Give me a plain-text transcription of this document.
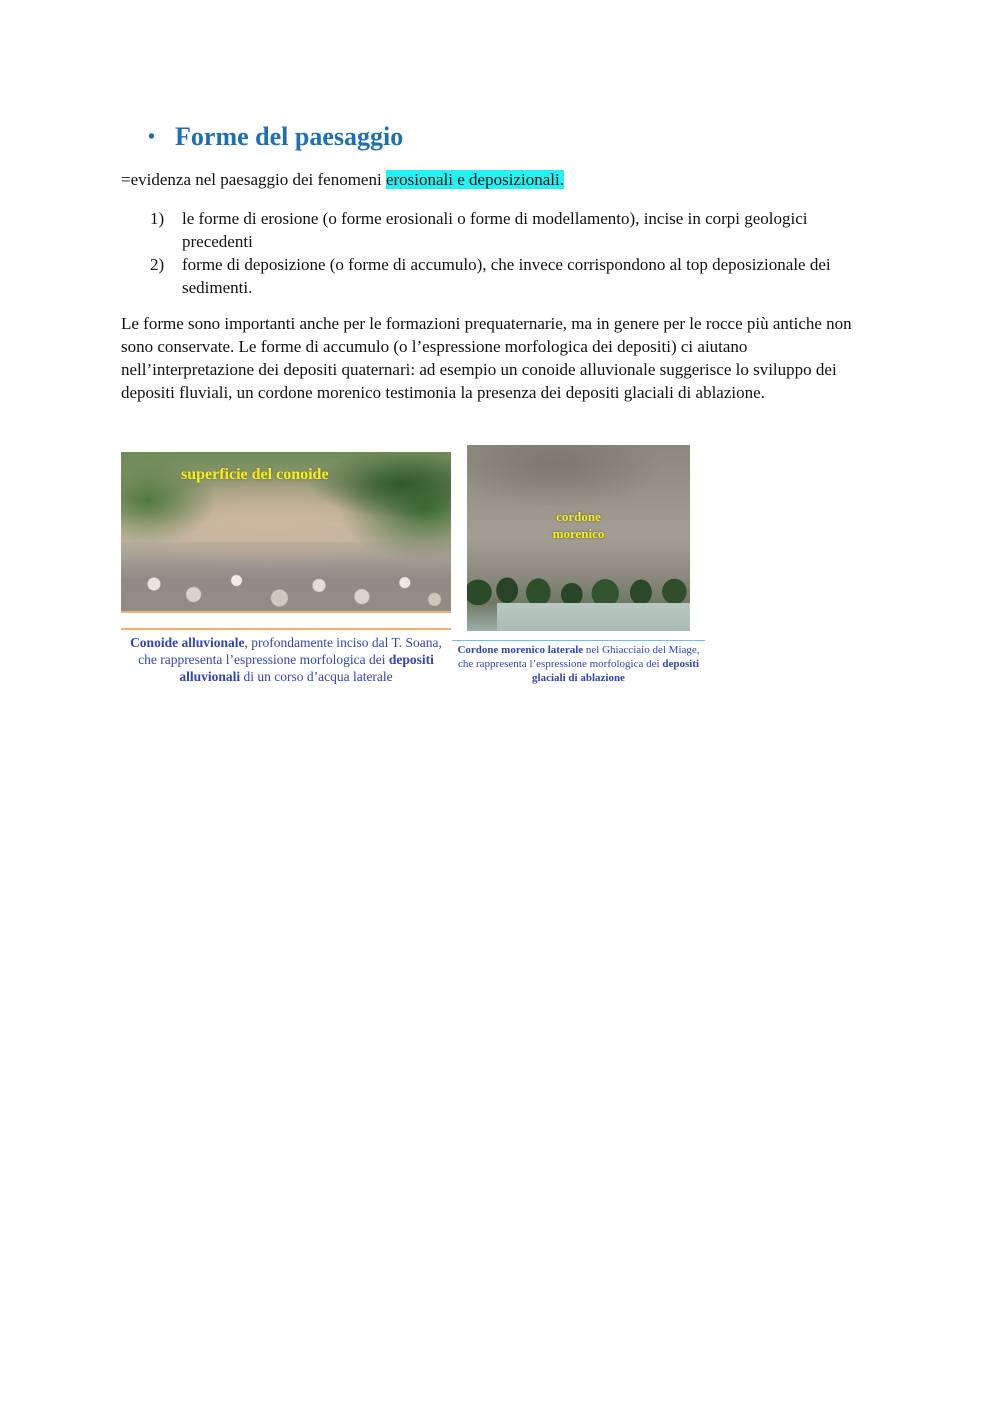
• Forme del paesaggio
=evidenza nel paesaggio dei fenomeni erosionali e deposizionali.
1)	le forme di erosione (o forme erosionali o forme di modellamento), incise in corpi geologici precedenti
2)	forme di deposizione (o forme di accumulo), che invece corrispondono al top deposizionale dei sedimenti.
Le forme sono importanti anche per le formazioni prequaternarie, ma in genere per le rocce più antiche non sono conservate. Le forme di accumulo (o l’espressione morfologica dei depositi) ci aiutano nell’interpretazione dei depositi quaternari: ad esempio un conoide alluvionale suggerisce lo sviluppo dei depositi fluviali, un cordone morenico testimonia la presenza dei depositi glaciali di ablazione.
superficie del conoide
Conoide alluvionale, profondamente inciso dal T. Soana, che rappresenta l’espressione morfologica dei depositi alluvionali di un corso d’acqua laterale
cordone
morenico
Cordone morenico laterale nel Ghiacciaio del Miage, che rappresenta l’espressione morfologica dei depositi glaciali di ablazione
